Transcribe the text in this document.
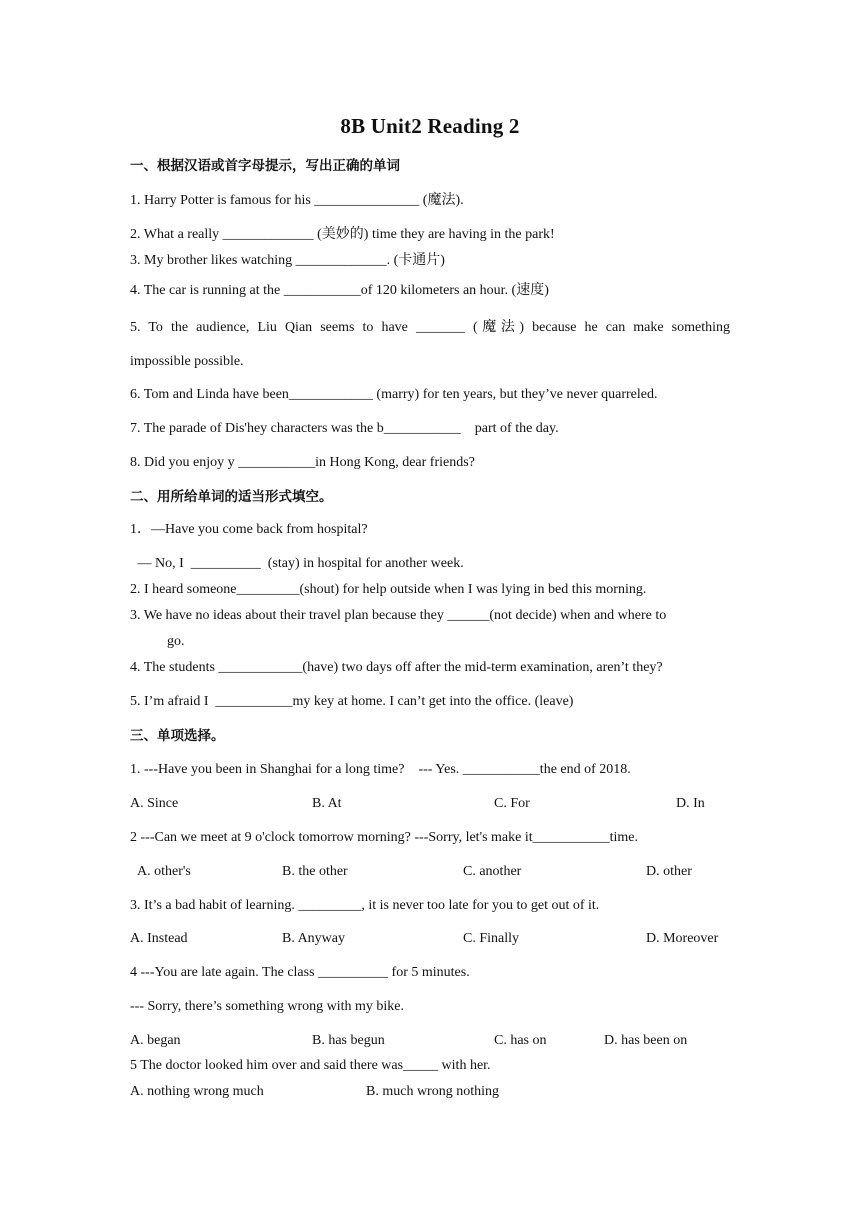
8B Unit2 Reading 2
一、根据汉语或首字母提示，写出正确的单词
1. Harry Potter is famous for his _______________ (魔法).
2. What a really _____________ (美妙的) time they are having in the park!
3. My brother likes watching _____________. (卡通片)
4. The car is running at the ___________of 120 kilometers an hour. (速度)
5. To the audience, Liu Qian seems to have _______ (魔法) because he can make something
impossible possible.
6. Tom and Linda have been____________ (marry) for ten years, but they’ve never quarreled.
7. The parade of Dis'hey characters was the b___________    part of the day.
8. Did you enjoy y ___________in Hong Kong, dear friends?
二、用所给单词的适当形式填空。
1．—Have you come back from hospital?
— No, I  __________  (stay) in hospital for another week.
2. I heard someone_________(shout) for help outside when I was lying in bed this morning.
3. We have no ideas about their travel plan because they ______(not decide) when and where to
go.
4. The students ____________(have) two days off after the mid-term examination, aren’t they?
5. I’m afraid I  ___________my key at home. I can’t get into the office. (leave)
三、单项选择。
1. ---Have you been in Shanghai for a long time?    --- Yes. ___________the end of 2018.
A. Since	B. At	C. For	D. In
2 ---Can we meet at 9 o'clock tomorrow morning? ---Sorry, let's make it___________time.
A. other's	B. the other	C. another	D. other
3. It’s a bad habit of learning. _________, it is never too late for you to get out of it.
A. Instead	B. Anyway	C. Finally	D. Moreover
4 ---You are late again. The class __________ for 5 minutes.
--- Sorry, there’s something wrong with my bike.
A. began	B. has begun	C. has on	D. has been on
5 The doctor looked him over and said there was_____ with her.
A. nothing wrong much	B. much wrong nothing
